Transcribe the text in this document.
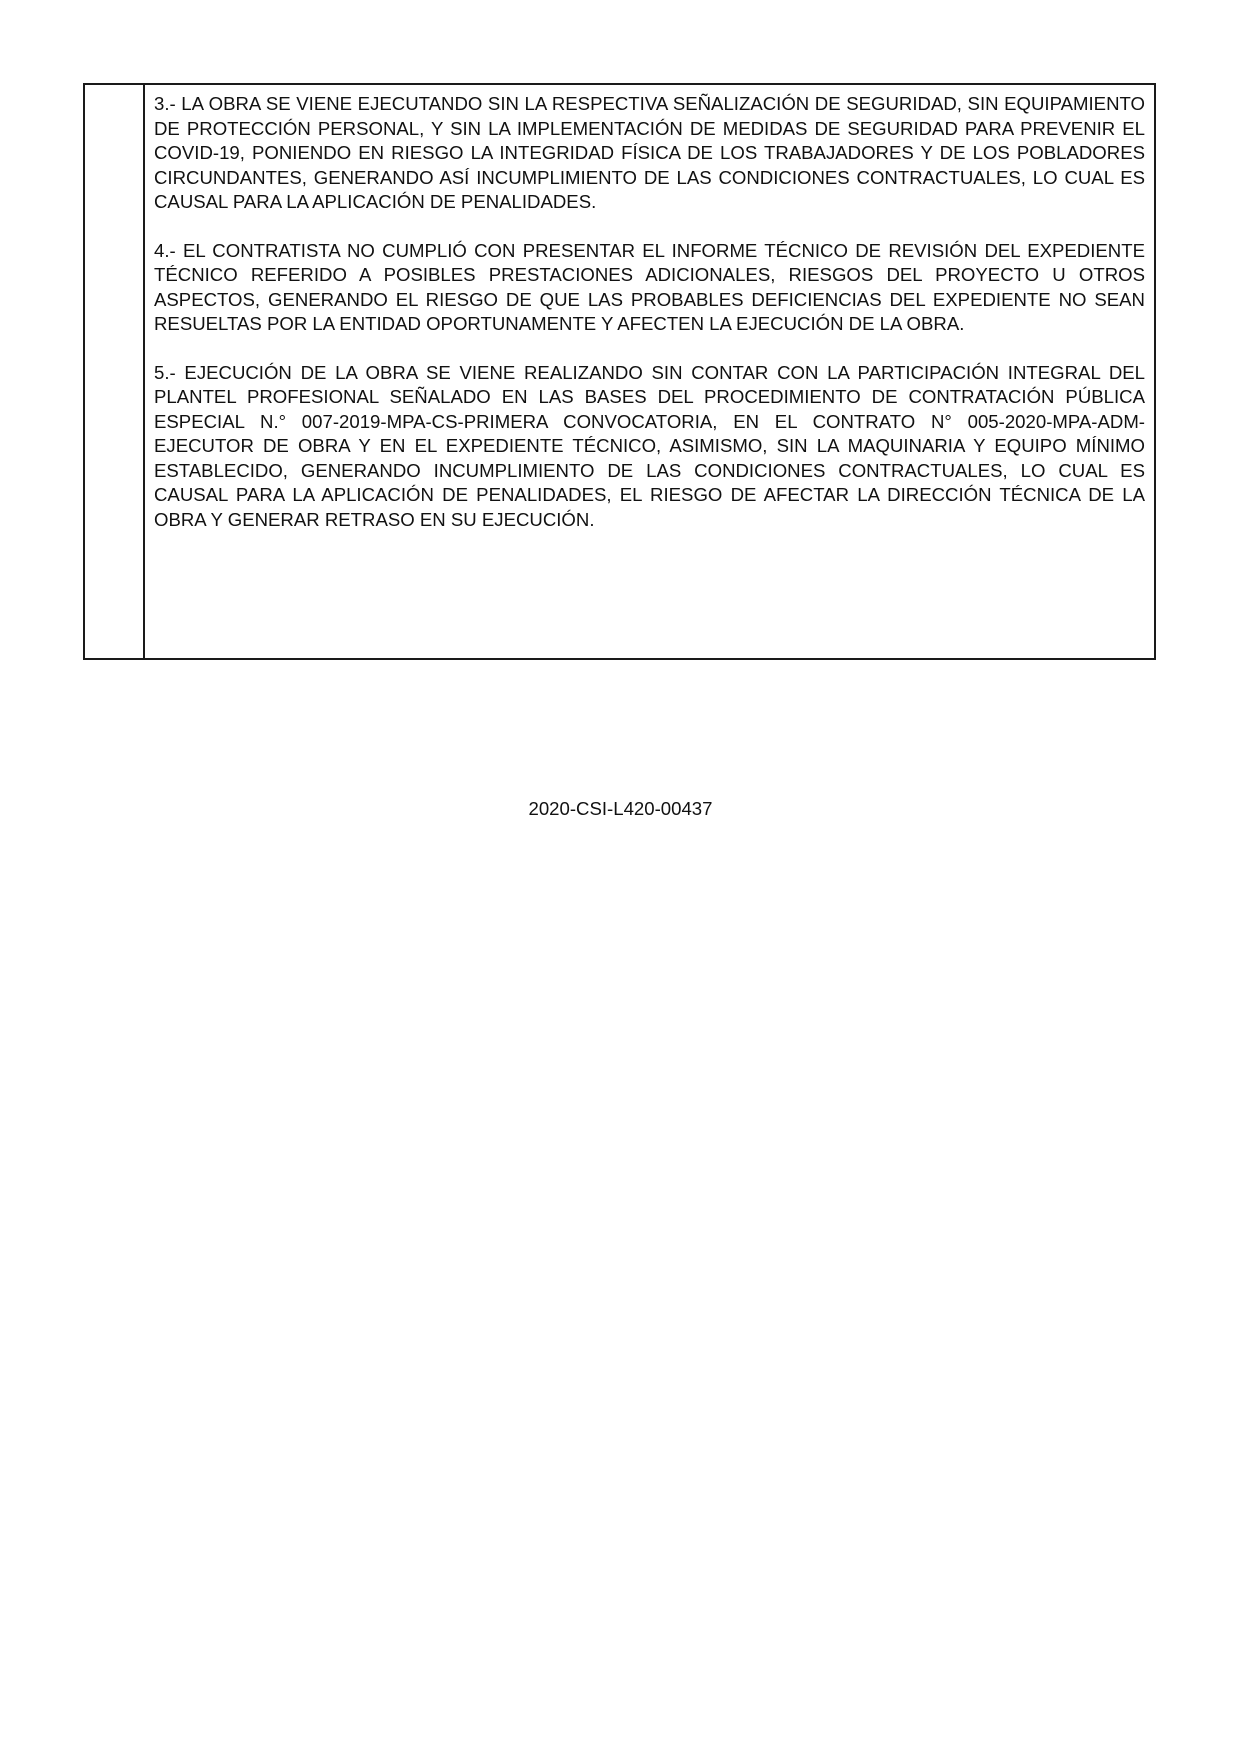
3.- LA OBRA SE VIENE EJECUTANDO SIN LA RESPECTIVA SEÑALIZACIÓN DE SEGURIDAD, SIN EQUIPAMIENTO DE PROTECCIÓN PERSONAL, Y SIN LA IMPLEMENTACIÓN DE MEDIDAS DE SEGURIDAD PARA PREVENIR EL COVID-19, PONIENDO EN RIESGO LA INTEGRIDAD FÍSICA DE LOS TRABAJADORES Y DE LOS POBLADORES CIRCUNDANTES, GENERANDO ASÍ INCUMPLIMIENTO DE LAS CONDICIONES CONTRACTUALES, LO CUAL ES CAUSAL PARA LA APLICACIÓN DE PENALIDADES.

4.- EL CONTRATISTA NO CUMPLIÓ CON PRESENTAR EL INFORME TÉCNICO DE REVISIÓN DEL EXPEDIENTE TÉCNICO REFERIDO A POSIBLES PRESTACIONES ADICIONALES, RIESGOS DEL PROYECTO U OTROS ASPECTOS, GENERANDO EL RIESGO DE QUE LAS PROBABLES DEFICIENCIAS DEL EXPEDIENTE NO SEAN RESUELTAS POR LA ENTIDAD OPORTUNAMENTE Y AFECTEN LA EJECUCIÓN DE LA OBRA.

5.- EJECUCIÓN DE LA OBRA SE VIENE REALIZANDO SIN CONTAR CON LA PARTICIPACIÓN INTEGRAL DEL PLANTEL PROFESIONAL SEÑALADO EN LAS BASES DEL PROCEDIMIENTO DE CONTRATACIÓN PÚBLICA ESPECIAL N.° 007-2019-MPA-CS-PRIMERA CONVOCATORIA, EN EL CONTRATO N° 005-2020-MPA-ADM-EJECUTOR DE OBRA Y EN EL EXPEDIENTE TÉCNICO, ASIMISMO, SIN LA MAQUINARIA Y EQUIPO MÍNIMO ESTABLECIDO, GENERANDO INCUMPLIMIENTO DE LAS CONDICIONES CONTRACTUALES, LO CUAL ES CAUSAL PARA LA APLICACIÓN DE PENALIDADES, EL RIESGO DE AFECTAR LA DIRECCIÓN TÉCNICA DE LA OBRA Y GENERAR RETRASO EN SU EJECUCIÓN.

2020-CSI-L420-00437
